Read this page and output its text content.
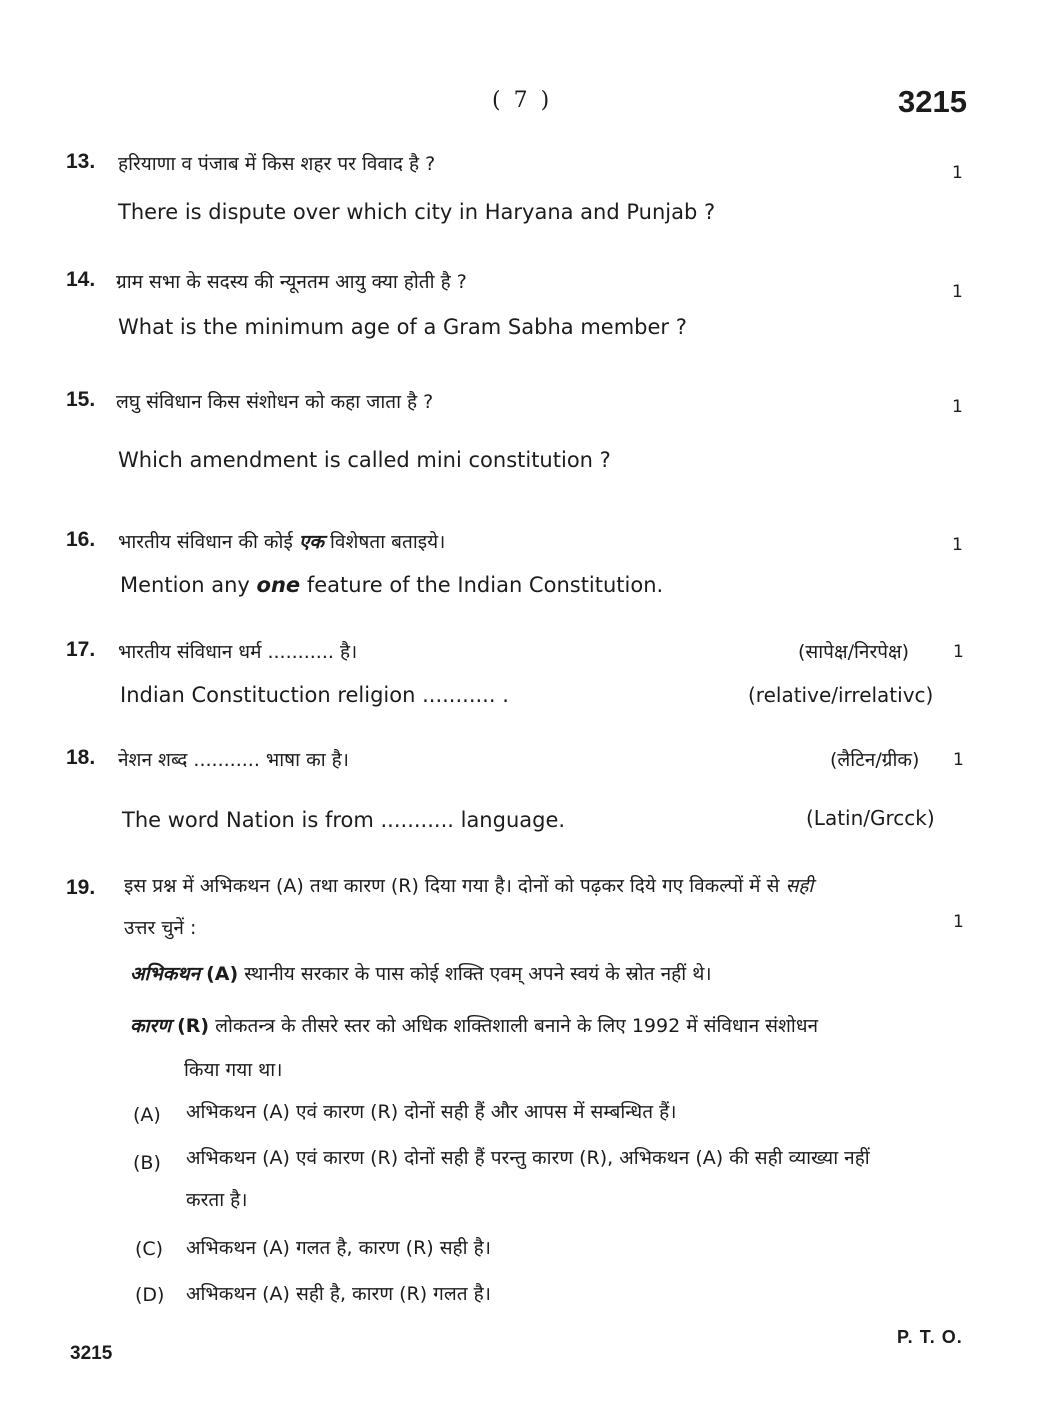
( 7 )	3215
13. हरियाणा व पंजाब में किस शहर पर विवाद है ?	1
There is dispute over which city in Haryana and Punjab ?
14. ग्राम सभा के सदस्य की न्यूनतम आयु क्या होती है ?	1
What is the minimum age of a Gram Sabha member ?
15. लघु संविधान किस संशोधन को कहा जाता है ?	1
Which amendment is called mini constitution ?
16. भारतीय संविधान की कोई एक विशेषता बताइये।	1
Mention any one feature of the Indian Constitution.
17. भारतीय संविधान धर्म ........... है।	(सापेक्ष/निरपेक्ष)	1
Indian Constituction religion ........... .	(relative/irrelativc)
18. नेशन शब्द ........... भाषा का है।	(लैटिन/ग्रीक) 1
The word Nation is from ........... language.	(Latin/Grcck)
19. इस प्रश्न में अभिकथन (A) तथा कारण (R) दिया गया है। दोनों को पढ़कर दिये गए विकल्पों में से सही
उत्तर चुनें :	1
अभिकथन (A) स्थानीय सरकार के पास कोई शक्ति एवम् अपने स्वयं के स्रोत नहीं थे।
कारण (R) लोकतन्त्र के तीसरे स्तर को अधिक शक्तिशाली बनाने के लिए 1992 में संविधान संशोधन
किया गया था।
(A) अभिकथन (A) एवं कारण (R) दोनों सही हैं और आपस में सम्बन्धित हैं।
(B) अभिकथन (A) एवं कारण (R) दोनों सही हैं परन्तु कारण (R), अभिकथन (A) की सही व्याख्या नहीं
करता है।
(C) अभिकथन (A) गलत है, कारण (R) सही है।
(D) अभिकथन (A) सही है, कारण (R) गलत है।
3215
P. T. O.
